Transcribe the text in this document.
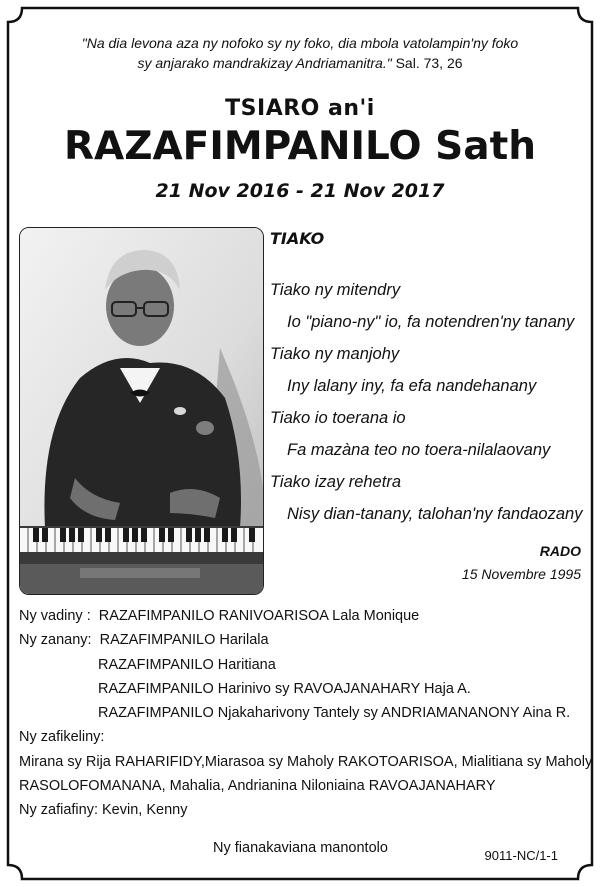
"Na dia levona aza ny nofoko sy ny foko, dia mbola vatolampin'ny foko
sy anjarako mandrakizay Andriamanitra." Sal. 73, 26
TSIARO an'i
RAZAFIMPANILO Sath
21 Nov 2016 - 21 Nov 2017
TIAKO
Tiako ny mitendry
Io "piano-ny" io, fa notendren'ny tanany
Tiako ny manjohy
Iny lalany iny, fa efa nandehanany
Tiako io toerana io
Fa mazàna teo no toera-nilalaovany
Tiako izay rehetra
Nisy dian-tanany, talohan'ny fandaozany
RADO
15 Novembre 1995
Ny vadiny : RAZAFIMPANILO RANIVOARISOA Lala Monique
Ny zanany: RAZAFIMPANILO Harilala
RAZAFIMPANILO Haritiana
RAZAFIMPANILO Harinivo sy RAVOAJANAHARY Haja A.
RAZAFIMPANILO Njakaharivony Tantely sy ANDRIAMANANONY Aina R.
Ny zafikeliny:
Mirana sy Rija RAHARIFIDY,Miarasoa sy Maholy RAKOTOARISOA, Mialitiana sy Maholy
RASOLOFOMANANA, Mahalia, Andrianina Niloniaina RAVOAJANAHARY
Ny zafiafiny: Kevin, Kenny
Ny fianakaviana manontolo	9011-NC/1-1
